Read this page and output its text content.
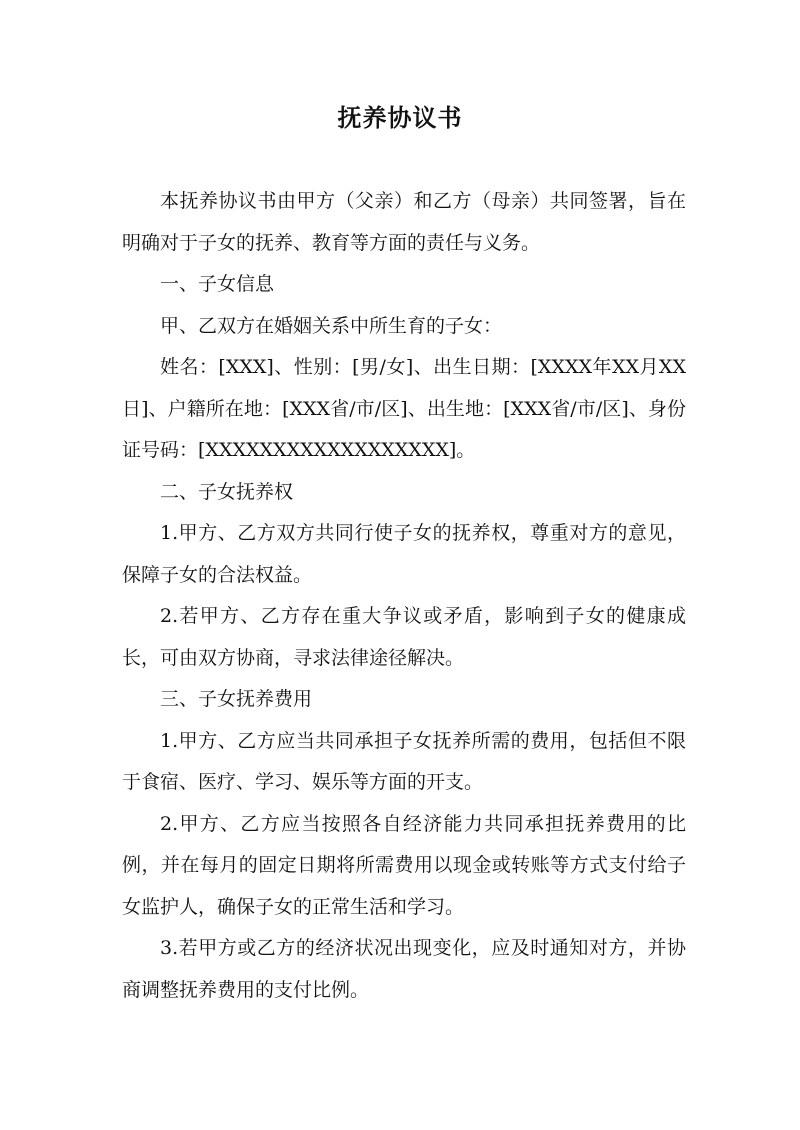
抚养协议书

本抚养协议书由甲方（父亲）和乙方（母亲）共同签署，旨在明确对于子女的抚养、教育等方面的责任与义务。

一、子女信息

甲、乙双方在婚姻关系中所生育的子女：

姓名：[XXX]、性别：[男/女]、出生日期：[XXXX年XX月XX日]、户籍所在地：[XXX省/市/区]、出生地：[XXX省/市/区]、身份证号码：[XXXXXXXXXXXXXXXXXX]。

二、子女抚养权

1.甲方、乙方双方共同行使子女的抚养权，尊重对方的意见，保障子女的合法权益。

2.若甲方、乙方存在重大争议或矛盾，影响到子女的健康成长，可由双方协商，寻求法律途径解决。

三、子女抚养费用

1.甲方、乙方应当共同承担子女抚养所需的费用，包括但不限于食宿、医疗、学习、娱乐等方面的开支。

2.甲方、乙方应当按照各自经济能力共同承担抚养费用的比例，并在每月的固定日期将所需费用以现金或转账等方式支付给子女监护人，确保子女的正常生活和学习。

3.若甲方或乙方的经济状况出现变化，应及时通知对方，并协商调整抚养费用的支付比例。
